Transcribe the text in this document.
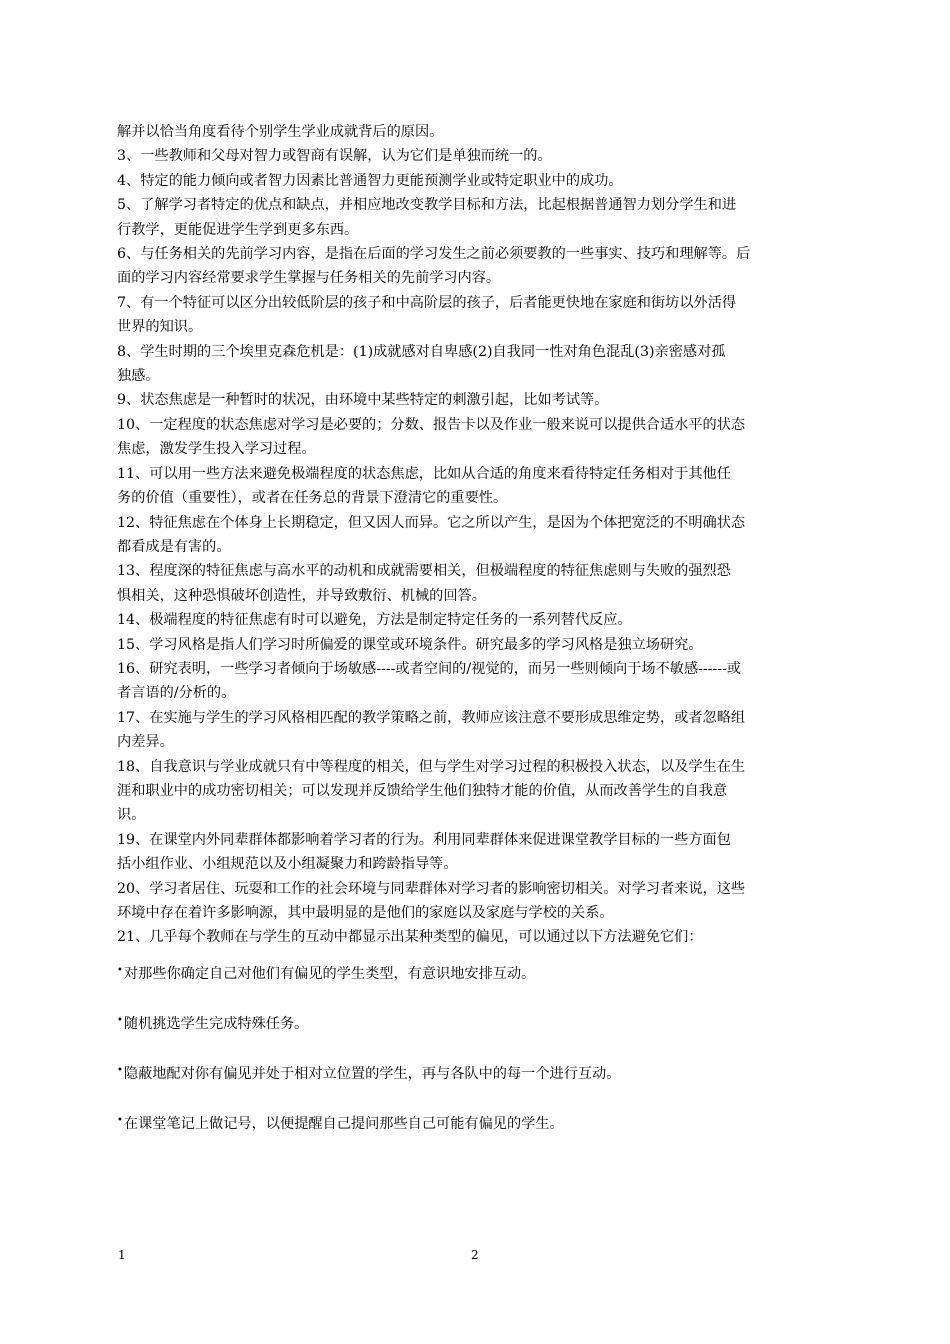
解并以恰当角度看待个别学生学业成就背后的原因。
3、一些教师和父母对智力或智商有误解，认为它们是单独而统一的。
4、特定的能力倾向或者智力因素比普通智力更能预测学业或特定职业中的成功。
5、了解学习者特定的优点和缺点，并相应地改变教学目标和方法，比起根据普通智力划分学生和进
行教学，更能促进学生学到更多东西。
6、与任务相关的先前学习内容，是指在后面的学习发生之前必须要教的一些事实、技巧和理解等。后
面的学习内容经常要求学生掌握与任务相关的先前学习内容。
7、有一个特征可以区分出较低阶层的孩子和中高阶层的孩子，后者能更快地在家庭和街坊以外活得
世界的知识。
8、学生时期的三个埃里克森危机是：(1)成就感对自卑感(2)自我同一性对角色混乱(3)亲密感对孤
独感。
9、状态焦虑是一种暂时的状况，由环境中某些特定的刺激引起，比如考试等。
10、一定程度的状态焦虑对学习是必要的；分数、报告卡以及作业一般来说可以提供合适水平的状态
焦虑，激发学生投入学习过程。
11、可以用一些方法来避免极端程度的状态焦虑，比如从合适的角度来看待特定任务相对于其他任
务的价值（重要性），或者在任务总的背景下澄清它的重要性。
12、特征焦虑在个体身上长期稳定，但又因人而异。它之所以产生，是因为个体把宽泛的不明确状态
都看成是有害的。
13、程度深的特征焦虑与高水平的动机和成就需要相关，但极端程度的特征焦虑则与失败的强烈恐
惧相关，这种恐惧破坏创造性，并导致敷衍、机械的回答。
14、极端程度的特征焦虑有时可以避免，方法是制定特定任务的一系列替代反应。
15、学习风格是指人们学习时所偏爱的课堂或环境条件。研究最多的学习风格是独立场研究。
16、研究表明，一些学习者倾向于场敏感----或者空间的/视觉的，而另一些则倾向于场不敏感------或
者言语的/分析的。
17、在实施与学生的学习风格相匹配的教学策略之前，教师应该注意不要形成思维定势，或者忽略组
内差异。
18、自我意识与学业成就只有中等程度的相关，但与学生对学习过程的积极投入状态，以及学生在生
涯和职业中的成功密切相关；可以发现并反馈给学生他们独特才能的价值，从而改善学生的自我意
识。
19、在课堂内外同辈群体都影响着学习者的行为。利用同辈群体来促进课堂教学目标的一些方面包
括小组作业、小组规范以及小组凝聚力和跨龄指导等。
20、学习者居住、玩耍和工作的社会环境与同辈群体对学习者的影响密切相关。对学习者来说，这些
环境中存在着许多影响源，其中最明显的是他们的家庭以及家庭与学校的关系。
21、几乎每个教师在与学生的互动中都显示出某种类型的偏见，可以通过以下方法避免它们：
•对那些你确定自己对他们有偏见的学生类型，有意识地安排互动。
•随机挑选学生完成特殊任务。
•隐蔽地配对你有偏见并处于相对立位置的学生，再与各队中的每一个进行互动。
•在课堂笔记上做记号，以便提醒自己提问那些自己可能有偏见的学生。
1	2
